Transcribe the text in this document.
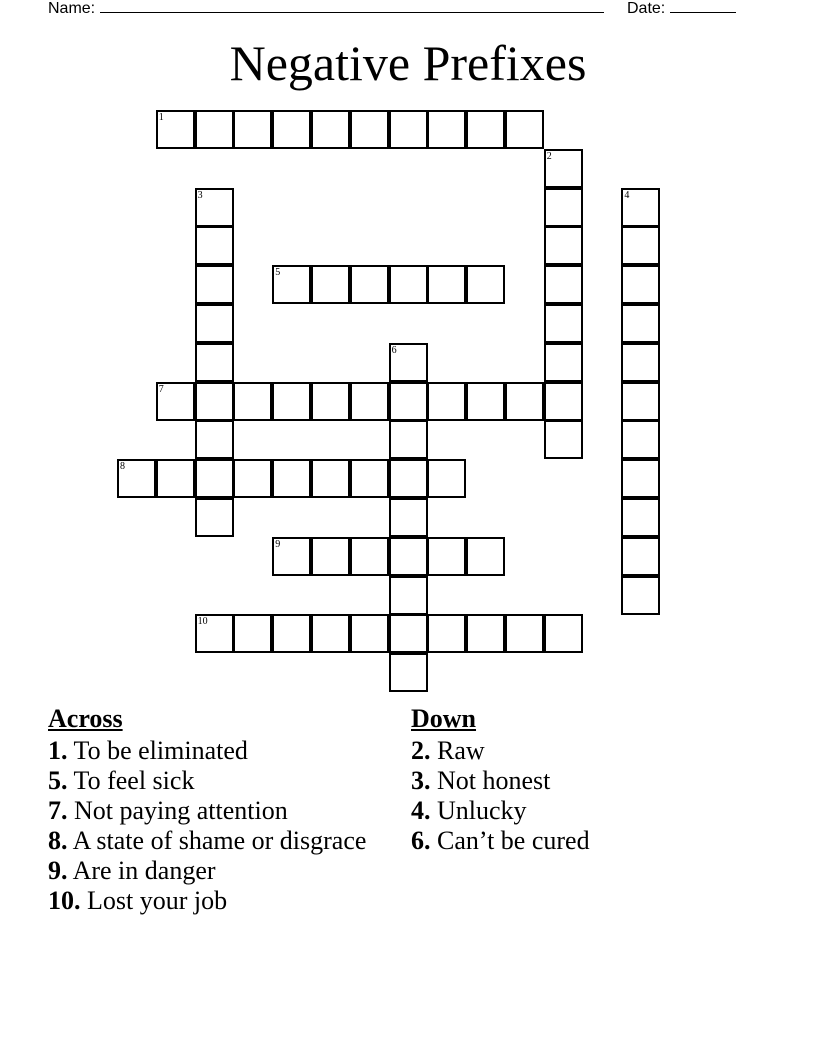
Name:	Date:
Negative Prefixes
1
2
3	4
5
6
7
8
9
10
Across
1. To be eliminated
5. To feel sick
7. Not paying attention
8. A state of shame or disgrace
9. Are in danger
10. Lost your job
Down
2. Raw
3. Not honest
4. Unlucky
6. Can’t be cured
